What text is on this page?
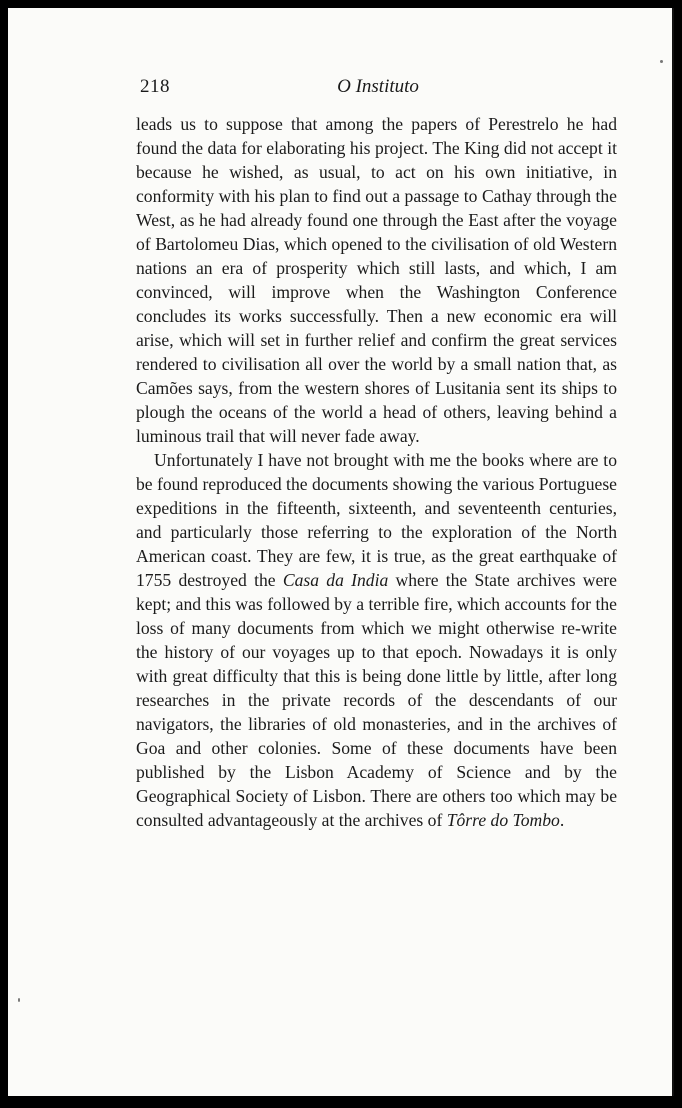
218	O Instituto

leads us to suppose that among the papers of Perestrelo he had found the data for elaborating his project. The King did not accept it because he wished, as usual, to act on his own initiative, in conformity with his plan to find out a passage to Cathay through the West, as he had already found one through the East after the voyage of Bartolomeu Dias, which opened to the civilisation of old Western nations an era of prosperity which still lasts, and which, I am convinced, will improve when the Washington Conference concludes its works successfully. Then a new economic era will arise, which will set in further relief and confirm the great services rendered to civilisation all over the world by a small nation that, as Camões says, from the western shores of Lusitania sent its ships to plough the oceans of the world a head of others, leaving behind a luminous trail that will never fade away.

Unfortunately I have not brought with me the books where are to be found reproduced the documents showing the various Portuguese expeditions in the fifteenth, sixteenth, and seventeenth centuries, and particularly those referring to the exploration of the North American coast. They are few, it is true, as the great earthquake of 1755 destroyed the Casa da India where the State archives were kept; and this was followed by a terrible fire, which accounts for the loss of many documents from which we might otherwise re-write the history of our voyages up to that epoch. Nowadays it is only with great difficulty that this is being done little by little, after long researches in the private records of the descendants of our navigators, the libraries of old monasteries, and in the archives of Goa and other colonies. Some of these documents have been published by the Lisbon Academy of Science and by the Geographical Society of Lisbon. There are others too which may be consulted advantageously at the archives of Tôrre do Tombo.
